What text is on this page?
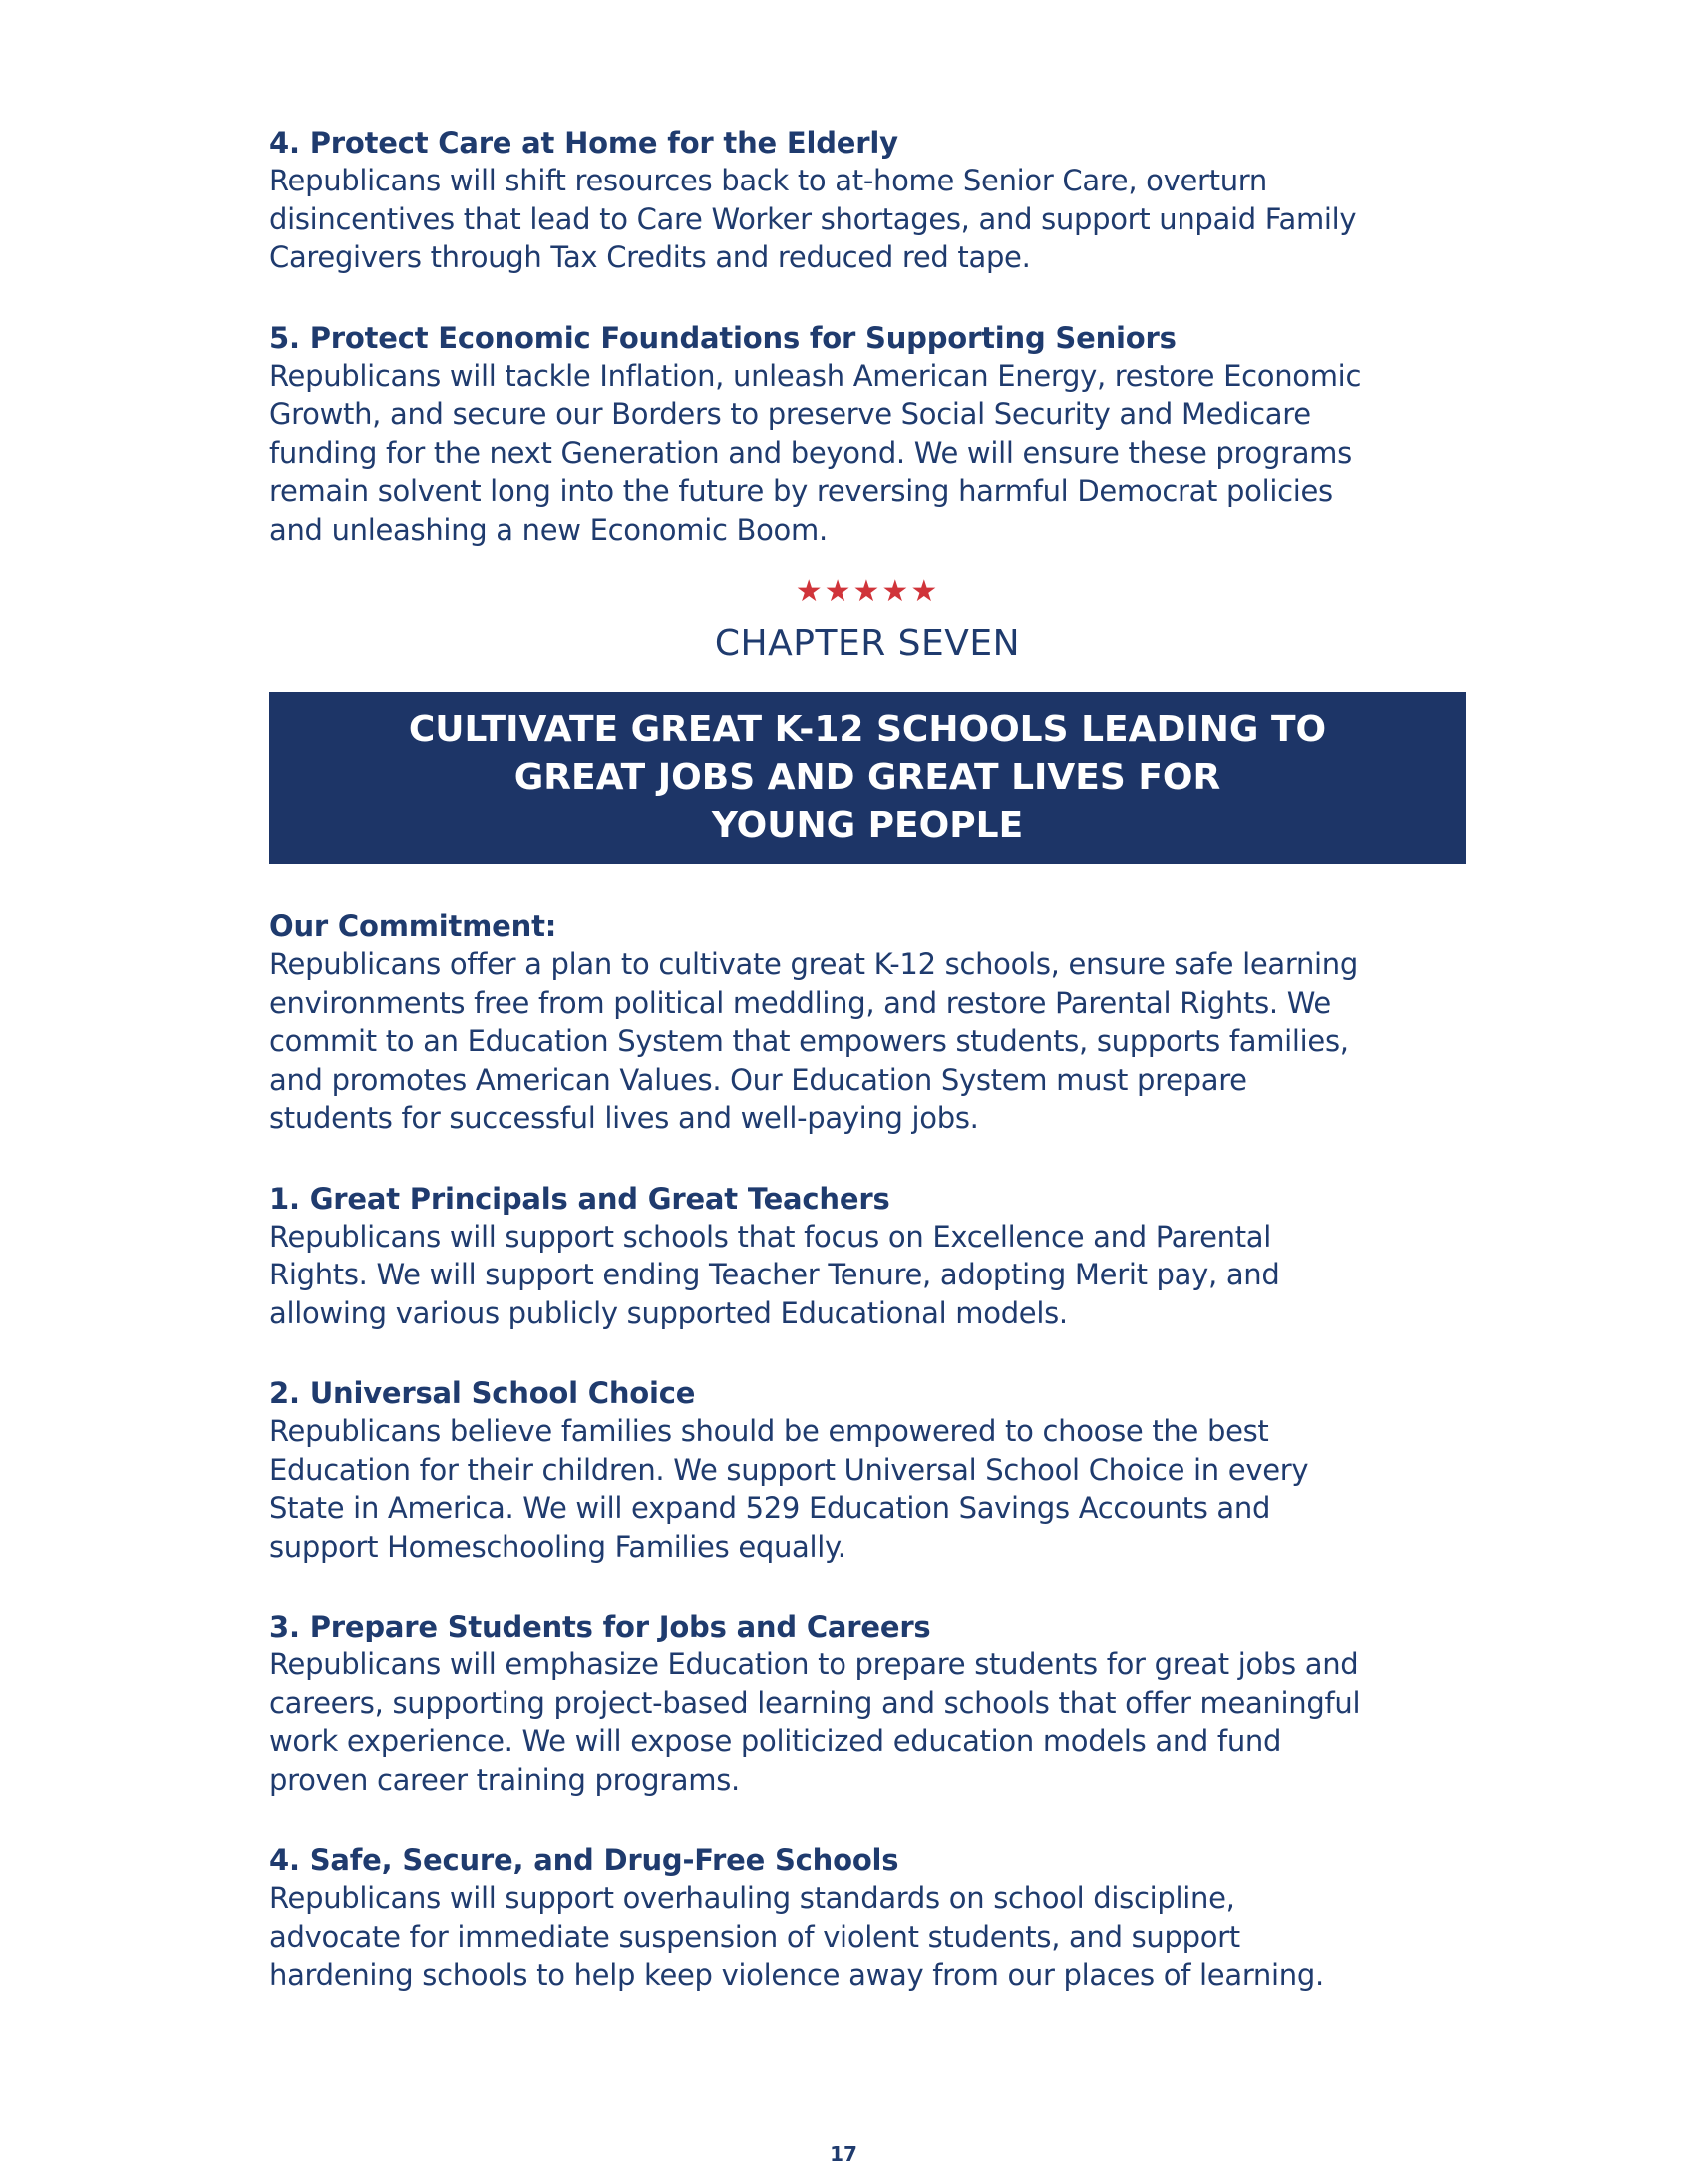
4. Protect Care at Home for the Elderly

Republicans will shift resources back to at-home Senior Care, overturn
disincentives that lead to Care Worker shortages, and support unpaid Family
Caregivers through Tax Credits and reduced red tape.

5. Protect Economic Foundations for Supporting Seniors

Republicans will tackle Inflation, unleash American Energy, restore Economic
Growth, and secure our Borders to preserve Social Security and Medicare
funding for the next Generation and beyond. We will ensure these programs
remain solvent long into the future by reversing harmful Democrat policies
and unleashing a new Economic Boom.

★★★★★
CHAPTER SEVEN
CULTIVATE GREAT K-12 SCHOOLS LEADING TO
GREAT JOBS AND GREAT LIVES FOR
YOUNG PEOPLE

Our Commitment:

Republicans offer a plan to cultivate great K-12 schools, ensure safe learning
environments free from political meddling, and restore Parental Rights. We
commit to an Education System that empowers students, supports families,
and promotes American Values. Our Education System must prepare
students for successful lives and well-paying jobs.

1. Great Principals and Great Teachers

Republicans will support schools that focus on Excellence and Parental
Rights. We will support ending Teacher Tenure, adopting Merit pay, and
allowing various publicly supported Educational models.

2. Universal School Choice

Republicans believe families should be empowered to choose the best
Education for their children. We support Universal School Choice in every
State in America. We will expand 529 Education Savings Accounts and
support Homeschooling Families equally.

3. Prepare Students for Jobs and Careers

Republicans will emphasize Education to prepare students for great jobs and
careers, supporting project-based learning and schools that offer meaningful
work experience. We will expose politicized education models and fund
proven career training programs.

4. Safe, Secure, and Drug-Free Schools

Republicans will support overhauling standards on school discipline,
advocate for immediate suspension of violent students, and support
hardening schools to help keep violence away from our places of learning.

17
